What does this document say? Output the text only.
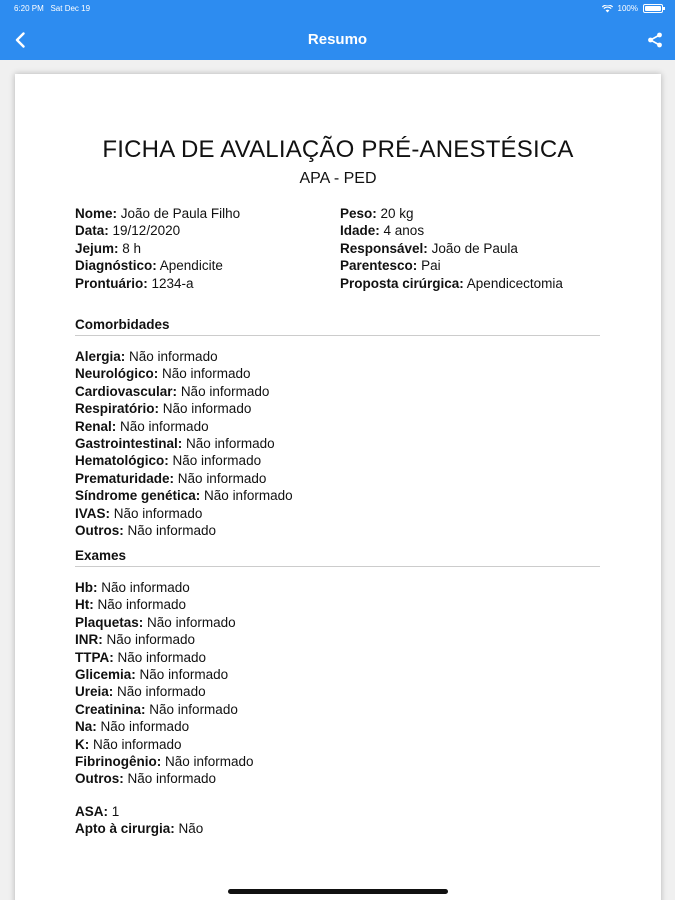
6:20 PM Sat Dec 19	100%
Resumo
FICHA DE AVALIAÇÃO PRÉ-ANESTÉSICA
APA - PED
Nome: João de Paula Filho
Data: 19/12/2020
Jejum: 8 h
Diagnóstico: Apendicite
Prontuário: 1234-a
Peso: 20 kg
Idade: 4 anos
Responsável: João de Paula
Parentesco: Pai
Proposta cirúrgica: Apendicectomia
Comorbidades
Alergia: Não informado
Neurológico: Não informado
Cardiovascular: Não informado
Respiratório: Não informado
Renal: Não informado
Gastrointestinal: Não informado
Hematológico: Não informado
Prematuridade: Não informado
Síndrome genética: Não informado
IVAS: Não informado
Outros: Não informado
Exames
Hb: Não informado
Ht: Não informado
Plaquetas: Não informado
INR: Não informado
TTPA: Não informado
Glicemia: Não informado
Ureia: Não informado
Creatinina: Não informado
Na: Não informado
K: Não informado
Fibrinogênio: Não informado
Outros: Não informado
ASA: 1
Apto à cirurgia: Não
